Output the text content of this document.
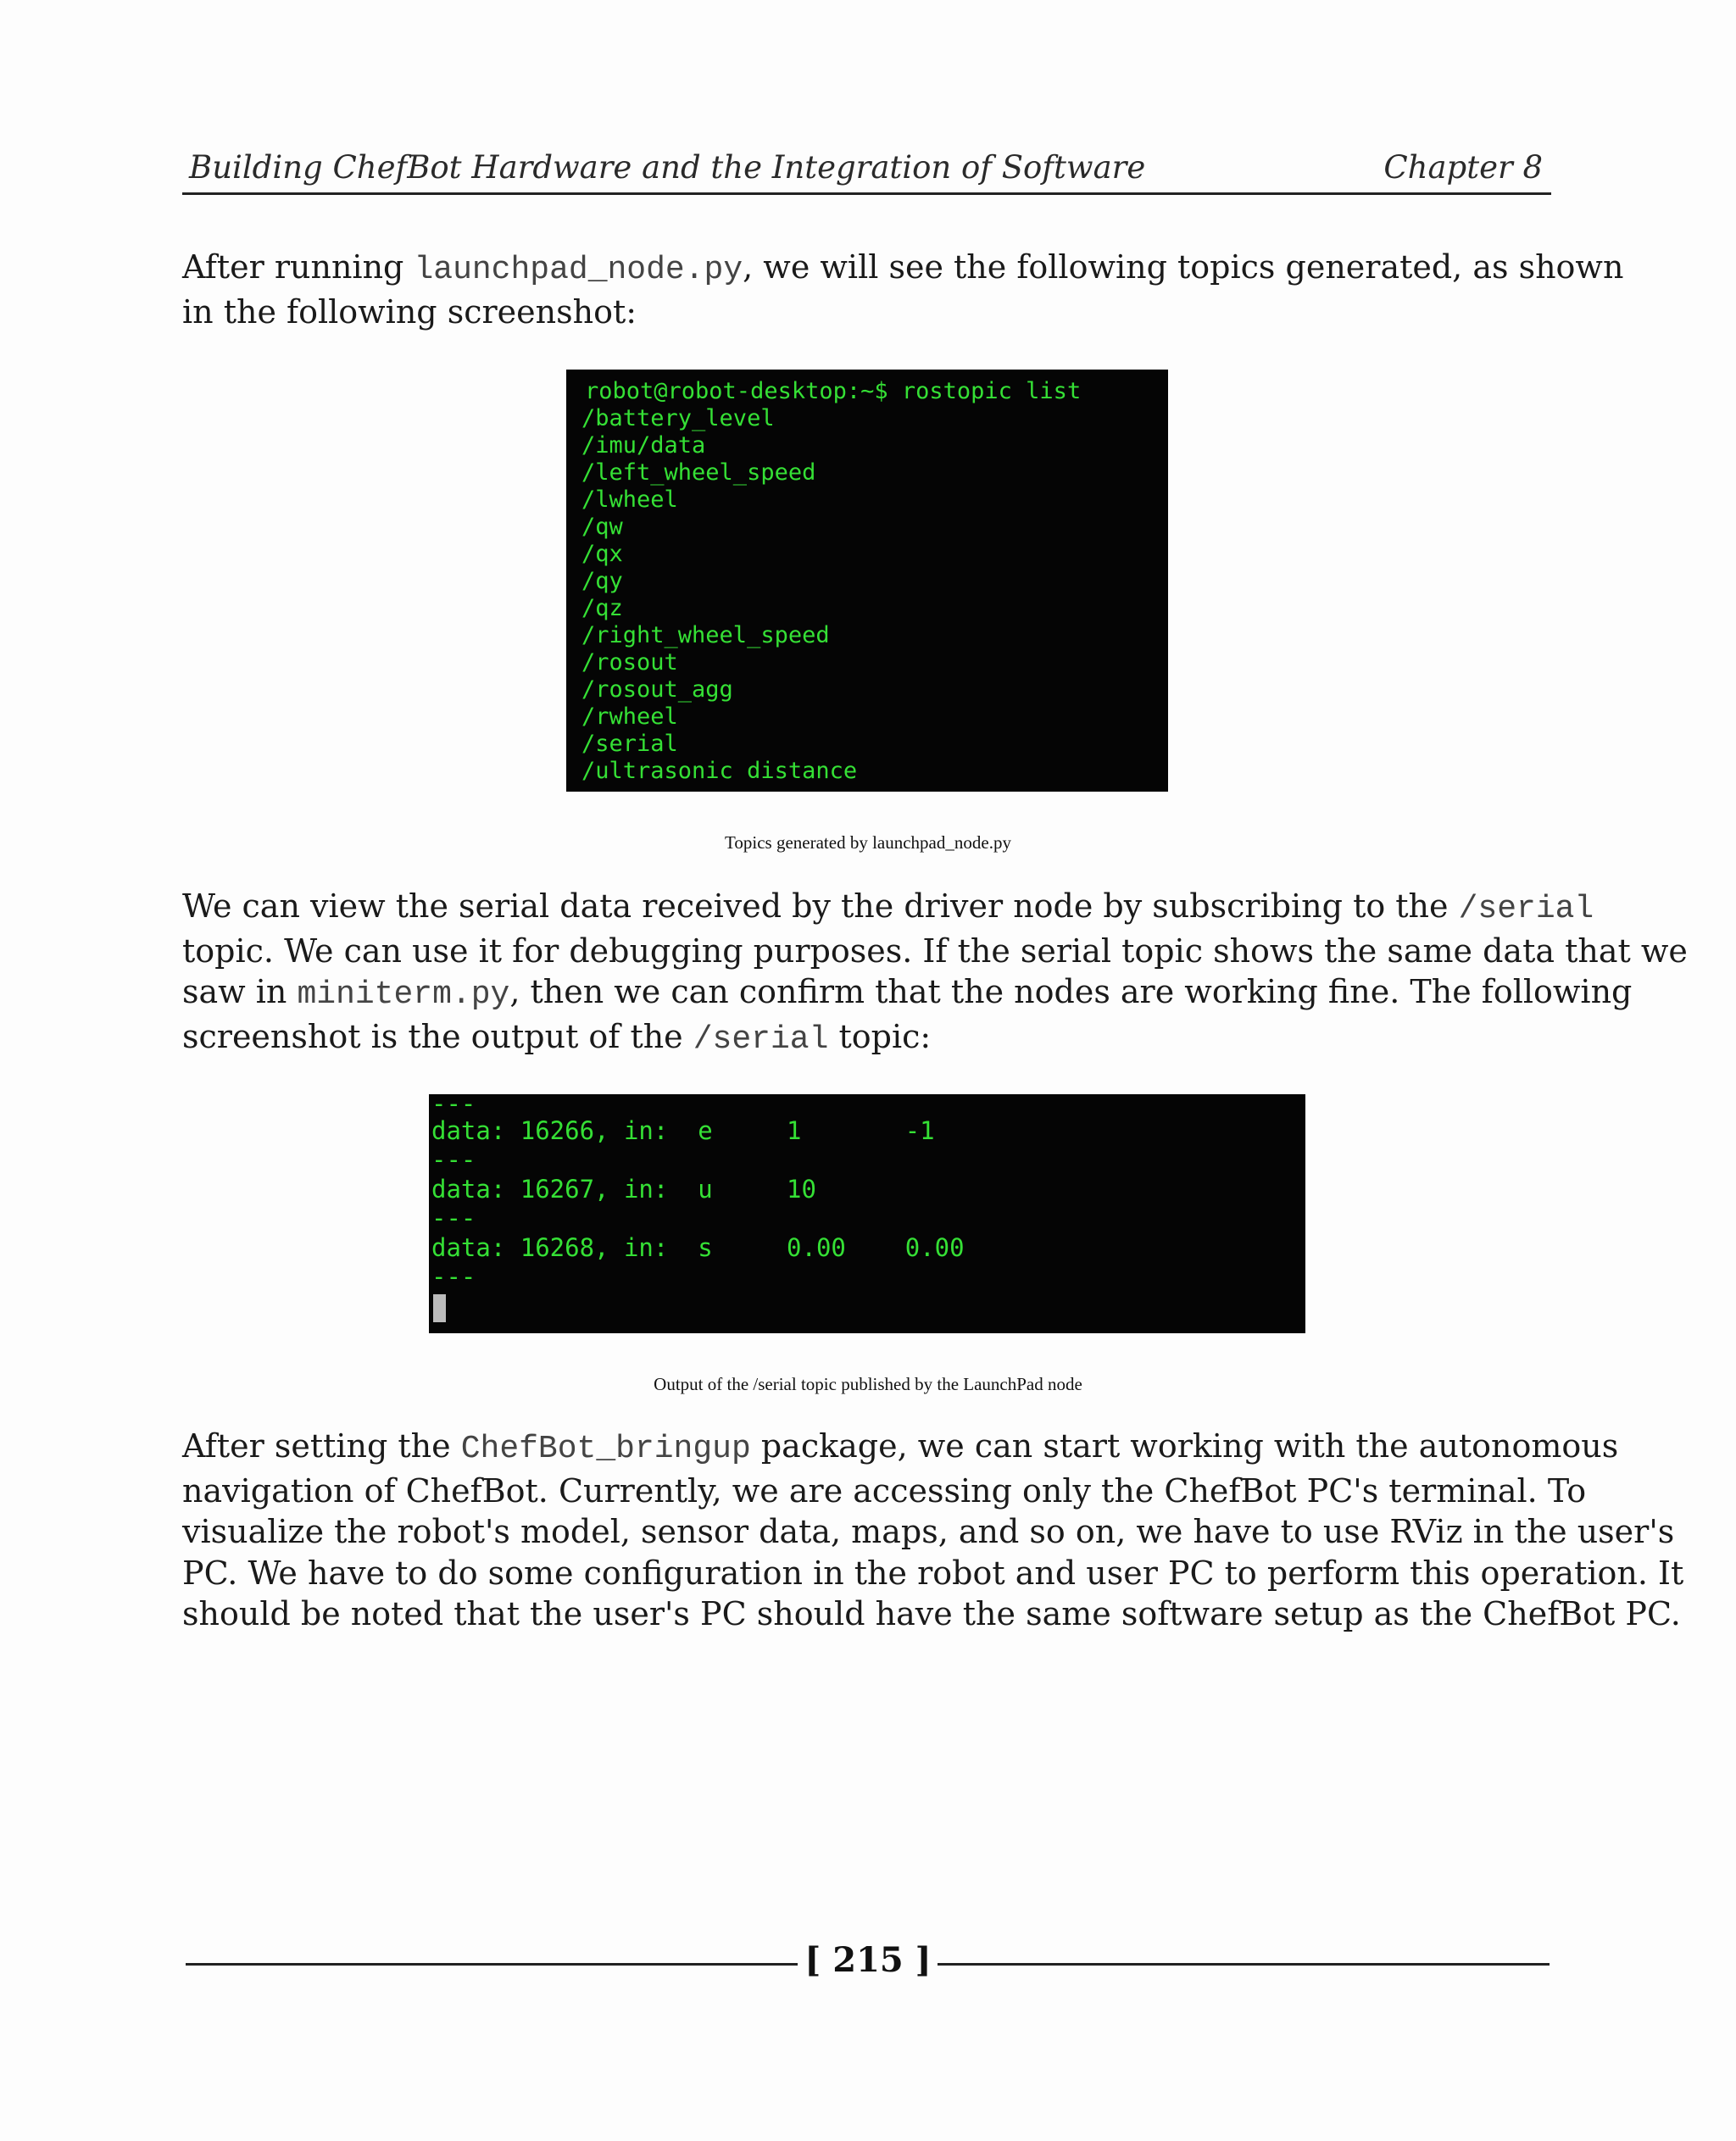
Building ChefBot Hardware and the Integration of Software	Chapter 8

After running launchpad_node.py, we will see the following topics generated, as shown
in the following screenshot:

robot@robot-desktop:~$ rostopic list
/battery_level
/imu/data
/left_wheel_speed
/lwheel
/qw
/qx
/qy
/qz
/right_wheel_speed
/rosout
/rosout_agg
/rwheel
/serial
/ultrasonic distance
Topics generated by launchpad_node.py

We can view the serial data received by the driver node by subscribing to the /serial
topic. We can use it for debugging purposes. If the serial topic shows the same data that we
saw in miniterm.py, then we can confirm that the nodes are working fine. The following
screenshot is the output of the /serial topic:

---
data: 16266, in:  e     1       -1
---
data: 16267, in:  u     10
---
data: 16268, in:  s     0.00    0.00
---
Output of the /serial topic published by the LaunchPad node

After setting the ChefBot_bringup package, we can start working with the autonomous
navigation of ChefBot. Currently, we are accessing only the ChefBot PC's terminal. To
visualize the robot's model, sensor data, maps, and so on, we have to use RViz in the user's
PC. We have to do some configuration in the robot and user PC to perform this operation. It
should be noted that the user's PC should have the same software setup as the ChefBot PC.

[ 215 ]
